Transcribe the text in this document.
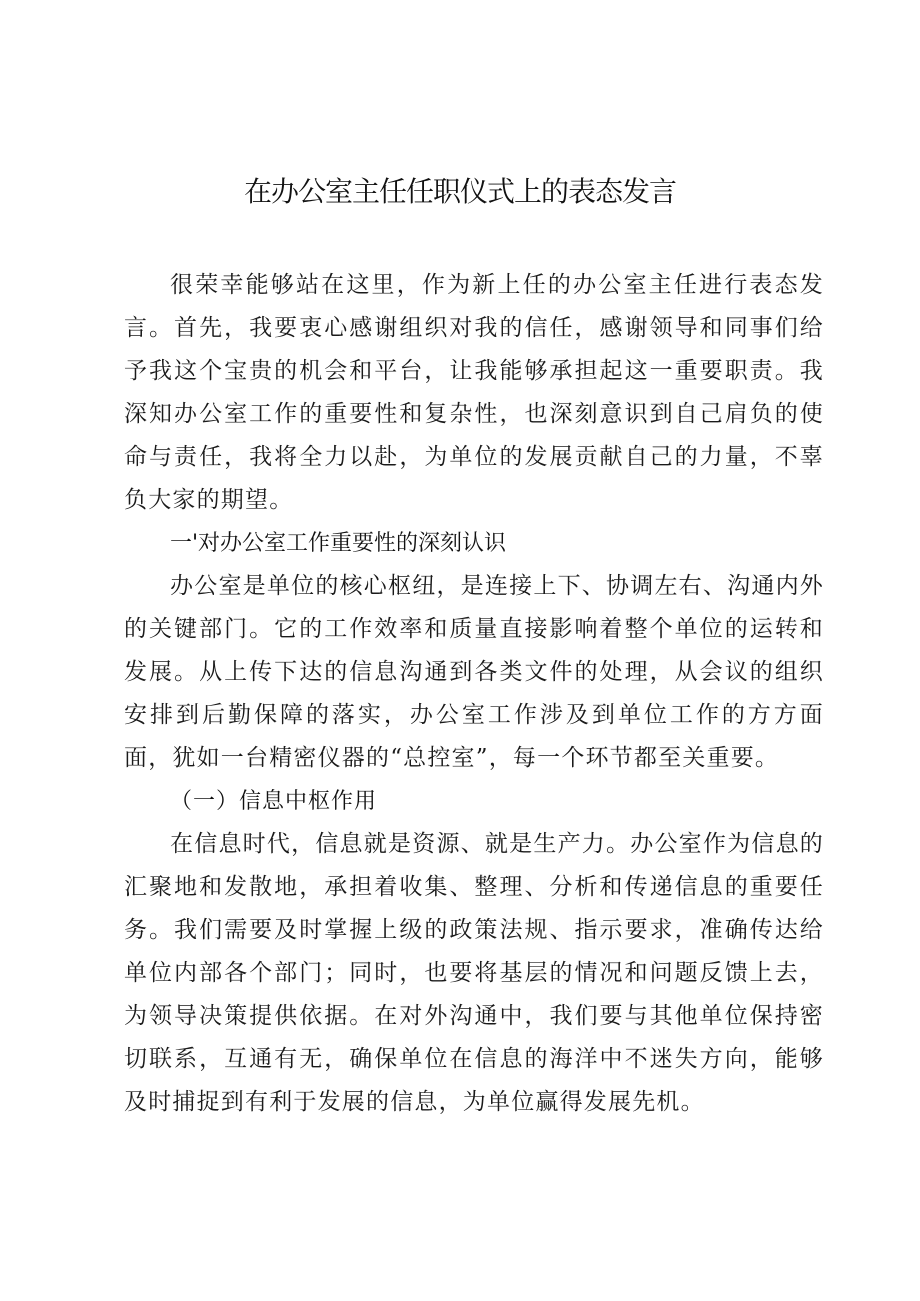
在办公室主任任职仪式上的表态发言

很荣幸能够站在这里，作为新上任的办公室主任进行表态发言。首先，我要衷心感谢组织对我的信任，感谢领导和同事们给予我这个宝贵的机会和平台，让我能够承担起这一重要职责。我深知办公室工作的重要性和复杂性，也深刻意识到自己肩负的使命与责任，我将全力以赴，为单位的发展贡献自己的力量，不辜负大家的期望。

一'对办公室工作重要性的深刻认识

办公室是单位的核心枢纽，是连接上下、协调左右、沟通内外的关键部门。它的工作效率和质量直接影响着整个单位的运转和发展。从上传下达的信息沟通到各类文件的处理，从会议的组织安排到后勤保障的落实，办公室工作涉及到单位工作的方方面面，犹如一台精密仪器的“总控室”，每一个环节都至关重要。

（一）信息中枢作用

在信息时代，信息就是资源、就是生产力。办公室作为信息的汇聚地和发散地，承担着收集、整理、分析和传递信息的重要任务。我们需要及时掌握上级的政策法规、指示要求，准确传达给单位内部各个部门；同时，也要将基层的情况和问题反馈上去，为领导决策提供依据。在对外沟通中，我们要与其他单位保持密切联系，互通有无，确保单位在信息的海洋中不迷失方向，能够及时捕捉到有利于发展的信息，为单位赢得发展先机。
